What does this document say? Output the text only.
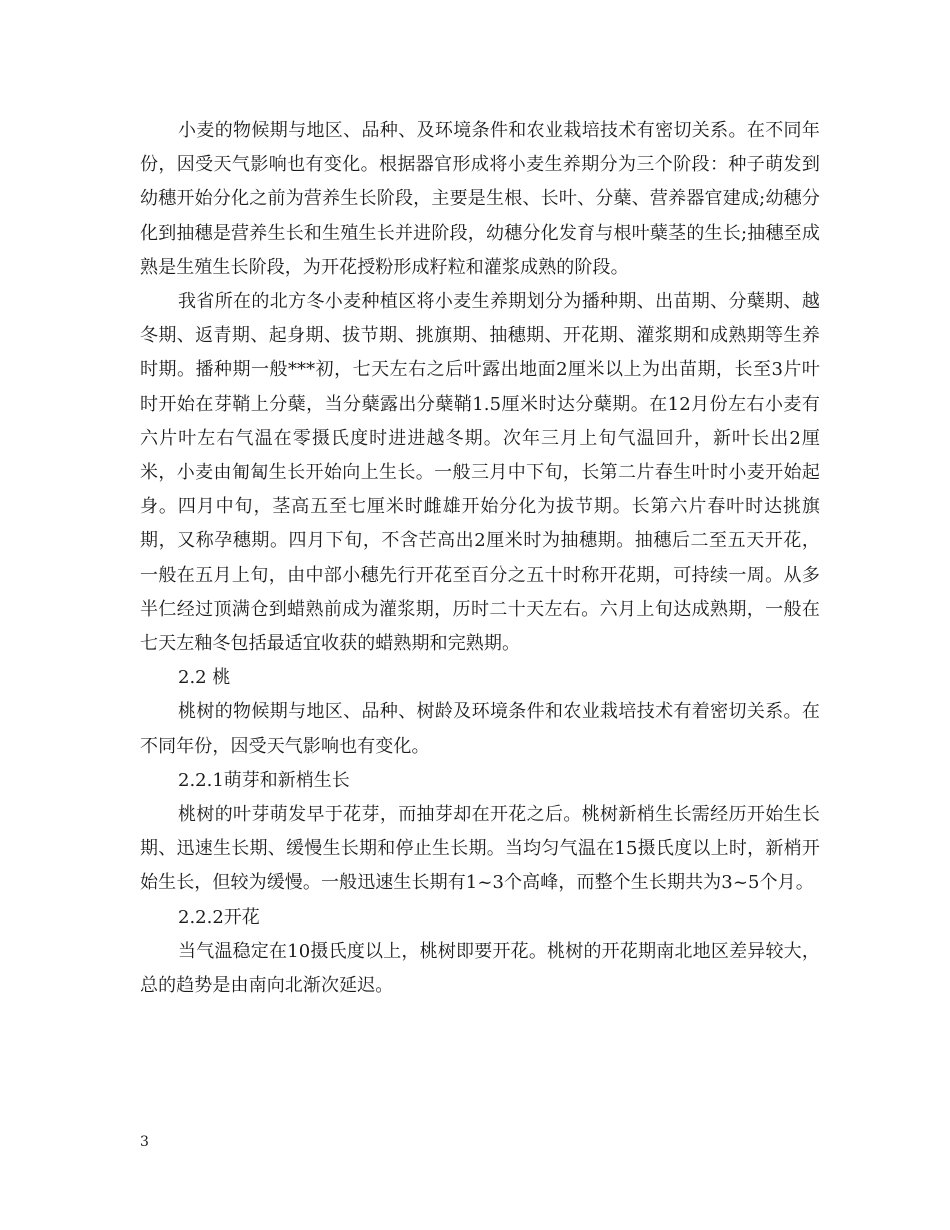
小麦的物候期与地区、品种、及环境条件和农业栽培技术有密切关系。在不同年份，因受天气影响也有变化。根据器官形成将小麦生养期分为三个阶段：种子萌发到幼穗开始分化之前为营养生长阶段，主要是生根、长叶、分蘖、营养器官建成;幼穗分化到抽穗是营养生长和生殖生长并进阶段，幼穗分化发育与根叶蘖茎的生长;抽穗至成熟是生殖生长阶段，为开花授粉形成籽粒和灌浆成熟的阶段。

我省所在的北方冬小麦种植区将小麦生养期划分为播种期、出苗期、分蘖期、越冬期、返青期、起身期、拔节期、挑旗期、抽穗期、开花期、灌浆期和成熟期等生养时期。播种期一般***初，七天左右之后叶露出地面2厘米以上为出苗期，长至3片叶时开始在芽鞘上分蘖，当分蘖露出分蘖鞘1.5厘米时达分蘖期。在12月份左右小麦有六片叶左右气温在零摄氏度时进进越冬期。次年三月上旬气温回升，新叶长出2厘米，小麦由匍匐生长开始向上生长。一般三月中下旬，长第二片春生叶时小麦开始起身。四月中旬，茎高五至七厘米时雌雄开始分化为拔节期。长第六片春叶时达挑旗期，又称孕穗期。四月下旬，不含芒高出2厘米时为抽穗期。抽穗后二至五天开花，一般在五月上旬，由中部小穗先行开花至百分之五十时称开花期，可持续一周。从多半仁经过顶满仓到蜡熟前成为灌浆期，历时二十天左右。六月上旬达成熟期，一般在七天左釉冬包括最适宜收获的蜡熟期和完熟期。

2.2 桃

桃树的物候期与地区、品种、树龄及环境条件和农业栽培技术有着密切关系。在不同年份，因受天气影响也有变化。

2.2.1萌芽和新梢生长

桃树的叶芽萌发早于花芽，而抽芽却在开花之后。桃树新梢生长需经历开始生长期、迅速生长期、缓慢生长期和停止生长期。当均匀气温在15摄氏度以上时，新梢开始生长，但较为缓慢。一般迅速生长期有1~3个高峰，而整个生长期共为3~5个月。

2.2.2开花

当气温稳定在10摄氏度以上，桃树即要开花。桃树的开花期南北地区差异较大，总的趋势是由南向北渐次延迟。

3
